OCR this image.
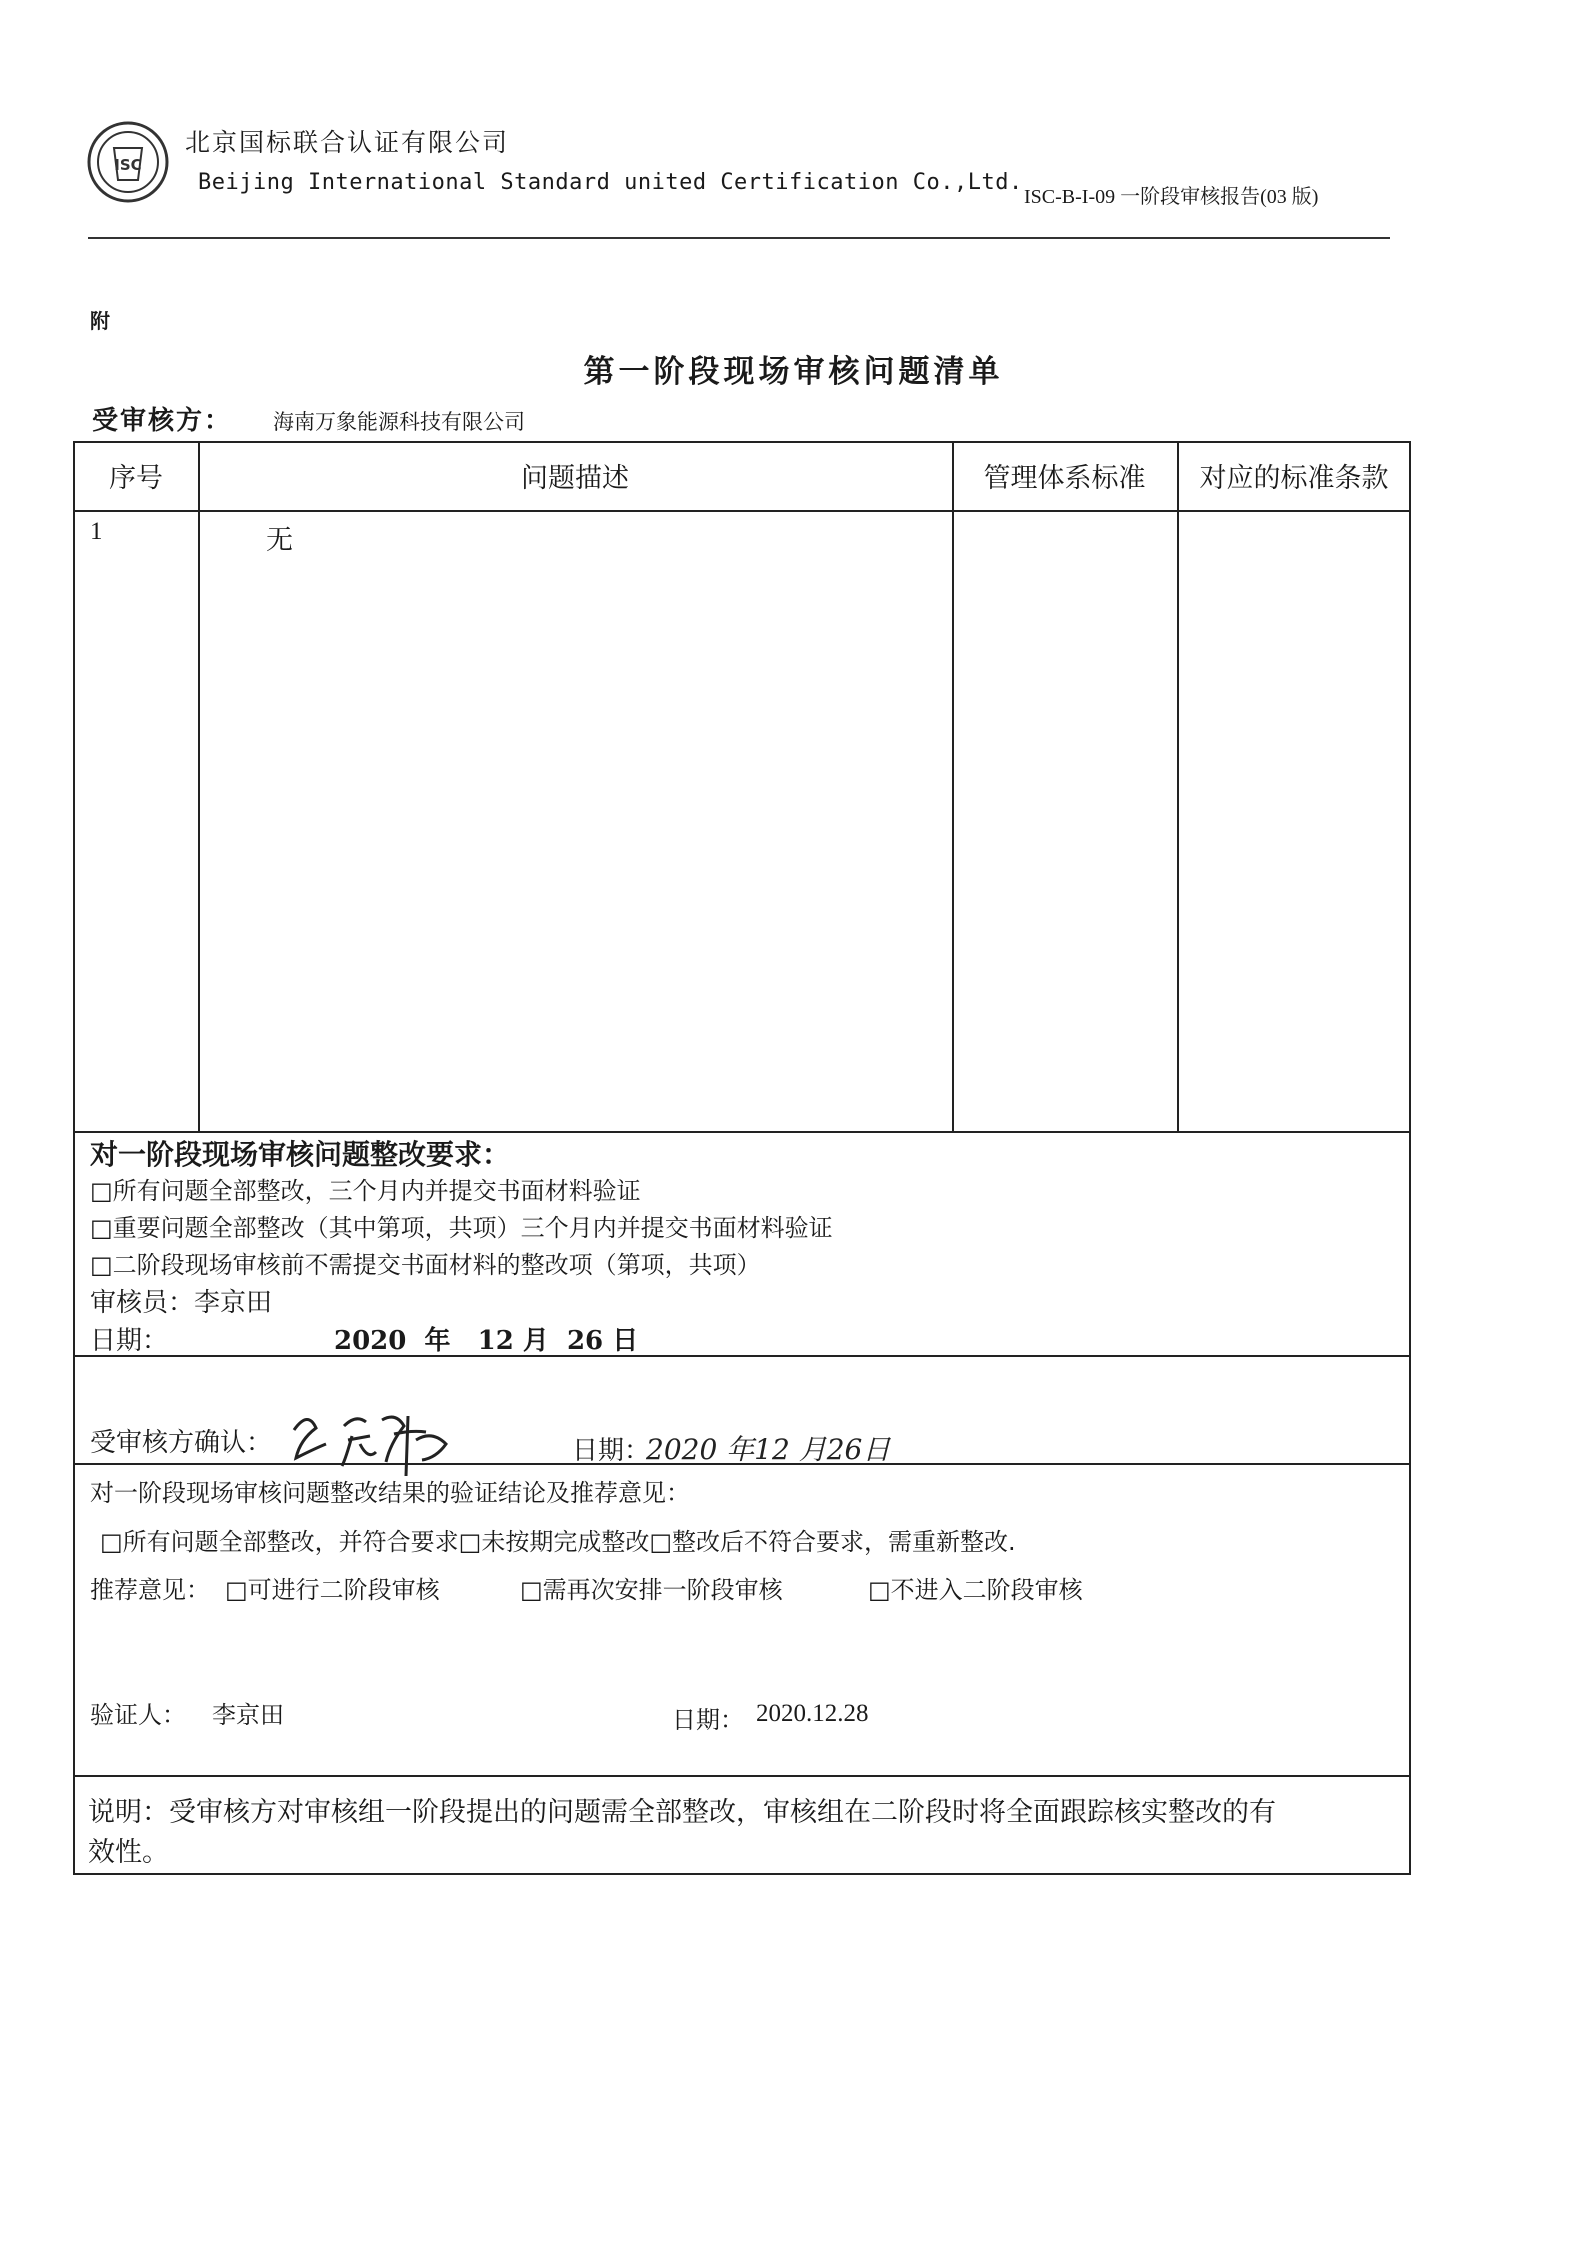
ISC
北京国标联合认证有限公司
Beijing International Standard united Certification Co.,Ltd.
ISC-B-I-09 一阶段审核报告(03 版)
附
第一阶段现场审核问题清单
受审核方： 海南万象能源科技有限公司
序号	问题描述	管理体系标准	对应的标准条款
1	无
对一阶段现场审核问题整改要求：
□所有问题全部整改，三个月内并提交书面材料验证
□重要问题全部整改（其中第项，共项）三个月内并提交书面材料验证
□二阶段现场审核前不需提交书面材料的整改项（第项，共项）
审核员：李京田
日期：	2020  年   12 月  26 日
受审核方确认：	日期：
2020 年12 月26日
对一阶段现场审核问题整改结果的验证结论及推荐意见：
□所有问题全部整改，并符合要求□未按期完成整改□整改后不符合要求，需重新整改.
推荐意见： □可进行二阶段审核	□需再次安排一阶段审核	□不进入二阶段审核
验证人： 李京田	日期： 2020.12.28
说明：受审核方对审核组一阶段提出的问题需全部整改，审核组在二阶段时将全面跟踪核实整改的有
效性。
